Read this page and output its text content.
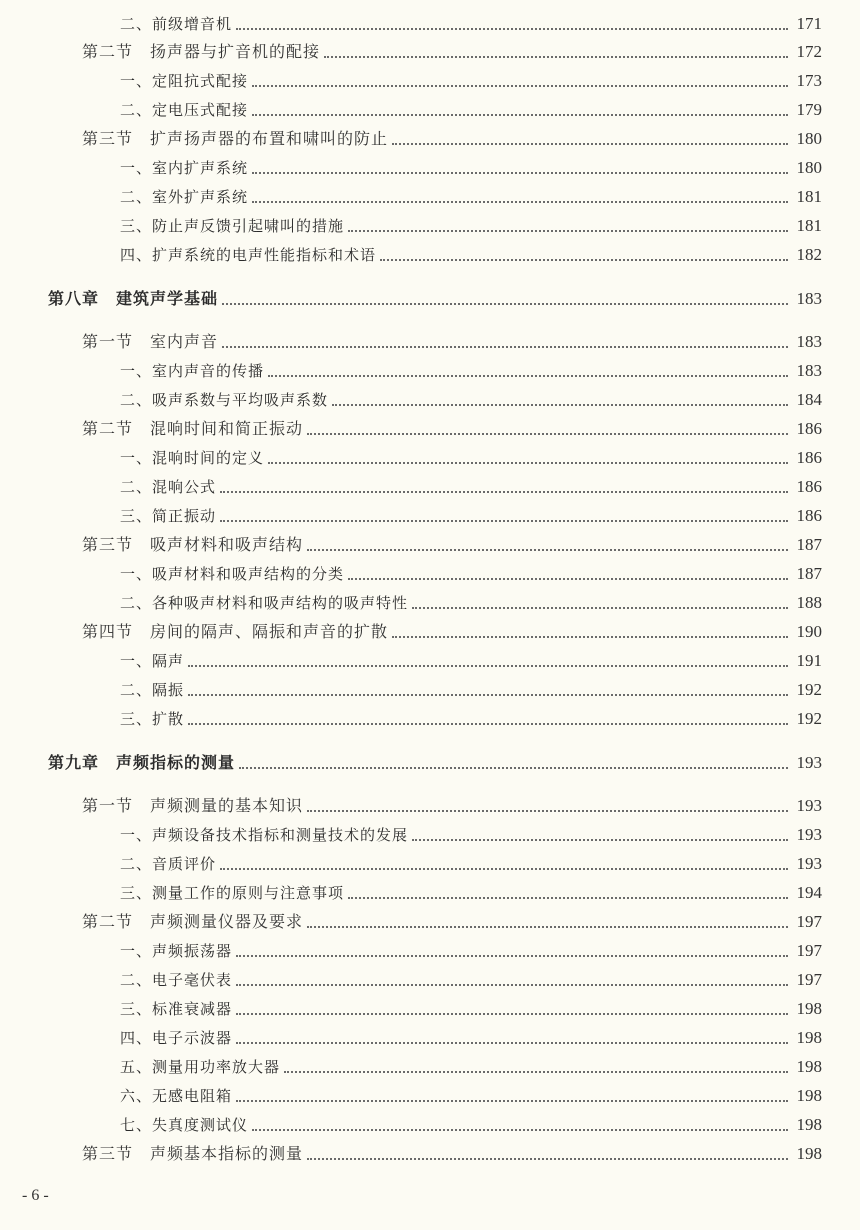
二、前级增音机	171
第二节　扬声器与扩音机的配接	172
一、定阻抗式配接	173
二、定电压式配接	179
第三节　扩声扬声器的布置和啸叫的防止	180
一、室内扩声系统	180
二、室外扩声系统	181
三、防止声反馈引起啸叫的措施	181
四、扩声系统的电声性能指标和术语	182
第八章　建筑声学基础	183
第一节　室内声音	183
一、室内声音的传播	183
二、吸声系数与平均吸声系数	184
第二节　混响时间和简正振动	186
一、混响时间的定义	186
二、混响公式	186
三、简正振动	186
第三节　吸声材料和吸声结构	187
一、吸声材料和吸声结构的分类	187
二、各种吸声材料和吸声结构的吸声特性	188
第四节　房间的隔声、隔振和声音的扩散	190
一、隔声	191
二、隔振	192
三、扩散	192
第九章　声频指标的测量	193
第一节　声频测量的基本知识	193
一、声频设备技术指标和测量技术的发展	193
二、音质评价	193
三、测量工作的原则与注意事项	194
第二节　声频测量仪器及要求	197
一、声频振荡器	197
二、电子毫伏表	197
三、标准衰减器	198
四、电子示波器	198
五、测量用功率放大器	198
六、无感电阻箱	198
七、失真度测试仪	198
第三节　声频基本指标的测量	198
- 6 -
